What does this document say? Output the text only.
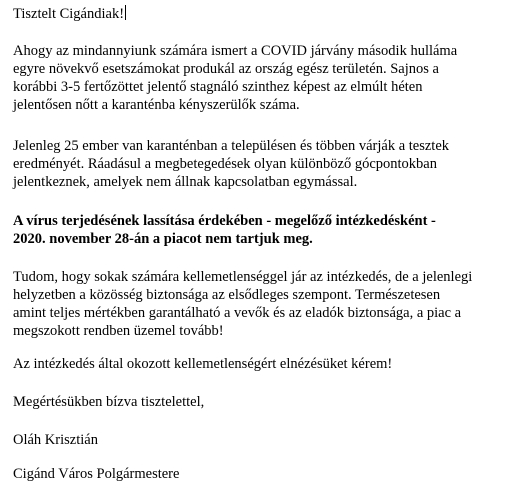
Tisztelt Cigándiak!
Ahogy az mindannyiunk számára ismert a COVID járvány második hulláma
egyre növekvő esetszámokat produkál az ország egész területén. Sajnos a
korábbi 3-5 fertőzöttet jelentő stagnáló szinthez képest az elmúlt héten
jelentősen nőtt a karanténba kényszerülők száma.
Jelenleg 25 ember van karanténban a településen és többen várják a tesztek
eredményét. Ráadásul a megbetegedések olyan különböző gócpontokban
jelentkeznek, amelyek nem állnak kapcsolatban egymással.
A vírus terjedésének lassítása érdekében - megelőző intézkedésként -
2020. november 28-án a piacot nem tartjuk meg.
Tudom, hogy sokak számára kellemetlenséggel jár az intézkedés, de a jelenlegi
helyzetben a közösség biztonsága az elsődleges szempont. Természetesen
amint teljes mértékben garantálható a vevők és az eladók biztonsága, a piac a
megszokott rendben üzemel tovább!
Az intézkedés által okozott kellemetlenségért elnézésüket kérem!
Megértésükben bízva tisztelettel,
Oláh Krisztián
Cigánd Város Polgármestere
